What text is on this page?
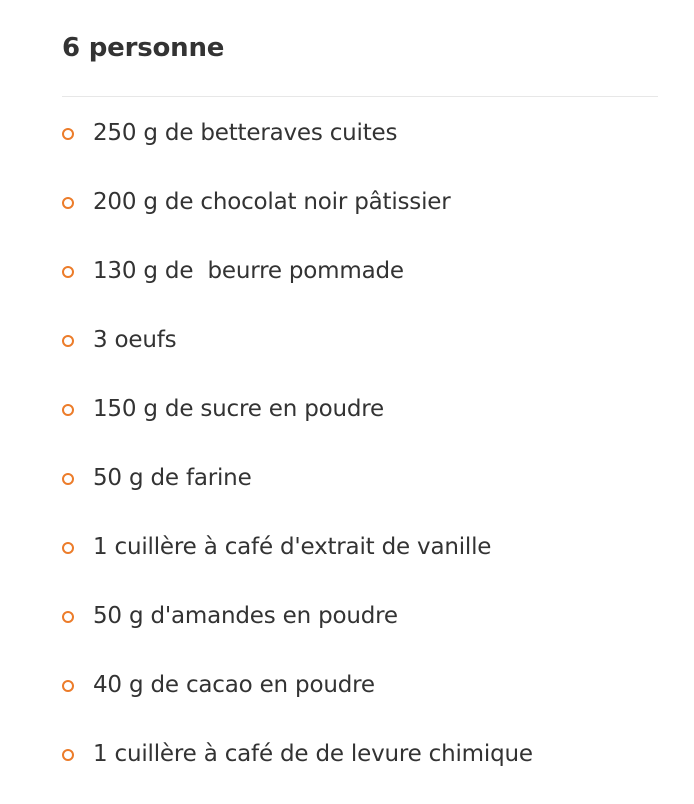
6 personne
250 g de betteraves cuites
200 g de chocolat noir pâtissier
130 g de  beurre pommade
3 oeufs
150 g de sucre en poudre
50 g de farine
1 cuillère à café d'extrait de vanille
50 g d'amandes en poudre
40 g de cacao en poudre
1 cuillère à café de de levure chimique
